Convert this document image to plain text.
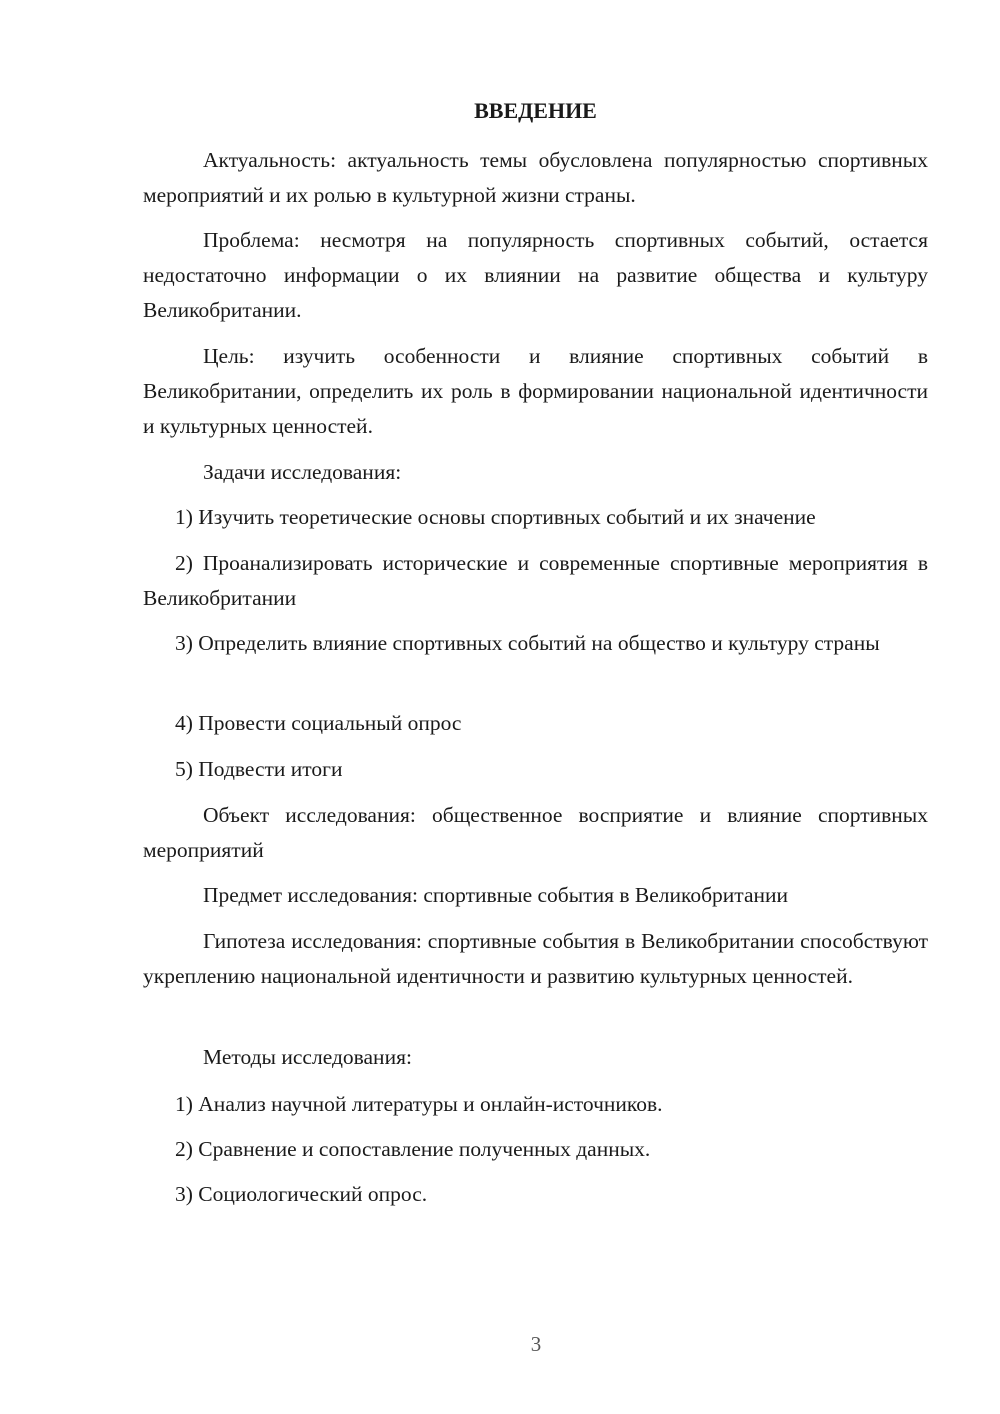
ВВЕДЕНИЕ

Актуальность: актуальность темы обусловлена популярностью спортивных мероприятий и их ролью в культурной жизни страны.

Проблема: несмотря на популярность спортивных событий, остается недостаточно информации о их влиянии на развитие общества и культуру Великобритании.

Цель: изучить особенности и влияние спортивных событий в Великобритании, определить их роль в формировании национальной идентичности и культурных ценностей.

Задачи исследования:

1) Изучить теоретические основы спортивных событий и их значение

2) Проанализировать исторические и современные спортивные мероприятия в Великобритании

3) Определить влияние спортивных событий на общество и культуру страны

4) Провести социальный опрос

5) Подвести итоги

Объект исследования: общественное восприятие и влияние спортивных мероприятий

Предмет исследования: спортивные события в Великобритании

Гипотеза исследования: спортивные события в Великобритании способствуют укреплению национальной идентичности и развитию культурных ценностей.

Методы исследования:

1) Анализ научной литературы и онлайн-источников.

2) Сравнение и сопоставление полученных данных.

3) Социологический опрос.

3
